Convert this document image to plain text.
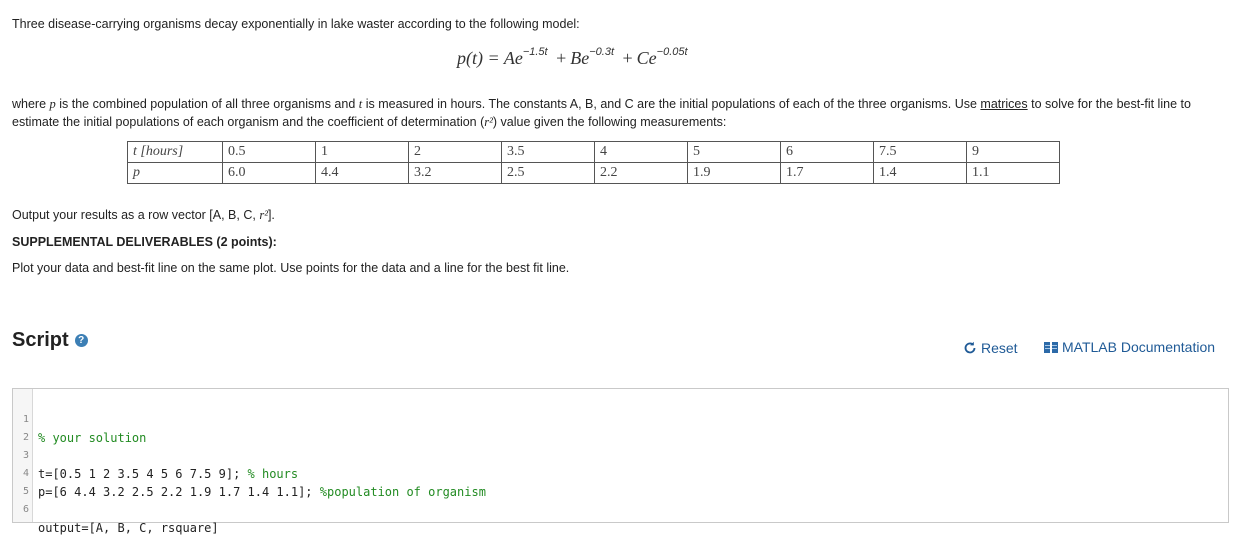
Three disease-carrying organisms decay exponentially in lake waster according to the following model:
$p(t) = Ae^{-1.5t} + Be^{-0.3t} + Ce^{-0.05t}$
where p is the combined population of all three organisms and t is measured in hours. The constants A, B, and C are the initial populations of each of the three organisms. Use matrices to solve for the best-fit line to estimate the initial populations of each organism and the coefficient of determination (r²) value given the following measurements:
t [hours]	0.5	1	2	3.5	4	5	6	7.5	9
p	6.0	4.4	3.2	2.5	2.2	1.9	1.7	1.4	1.1
Output your results as a row vector [A, B, C, r²].
SUPPLEMENTAL DELIVERABLES (2 points):
Plot your data and best-fit line on the same plot. Use points for the data and a line for the best fit line.
Script ?	Reset	MATLAB Documentation

1

% your solution

2

3

t=[0.5 1 2 3.5 4 5 6 7.5 9]; % hours

4

p=[6 4.4 3.2 2.5 2.2 1.9 1.7 1.4 1.1]; %population of organism

5

6

output=[A, B, C, rsquare]
